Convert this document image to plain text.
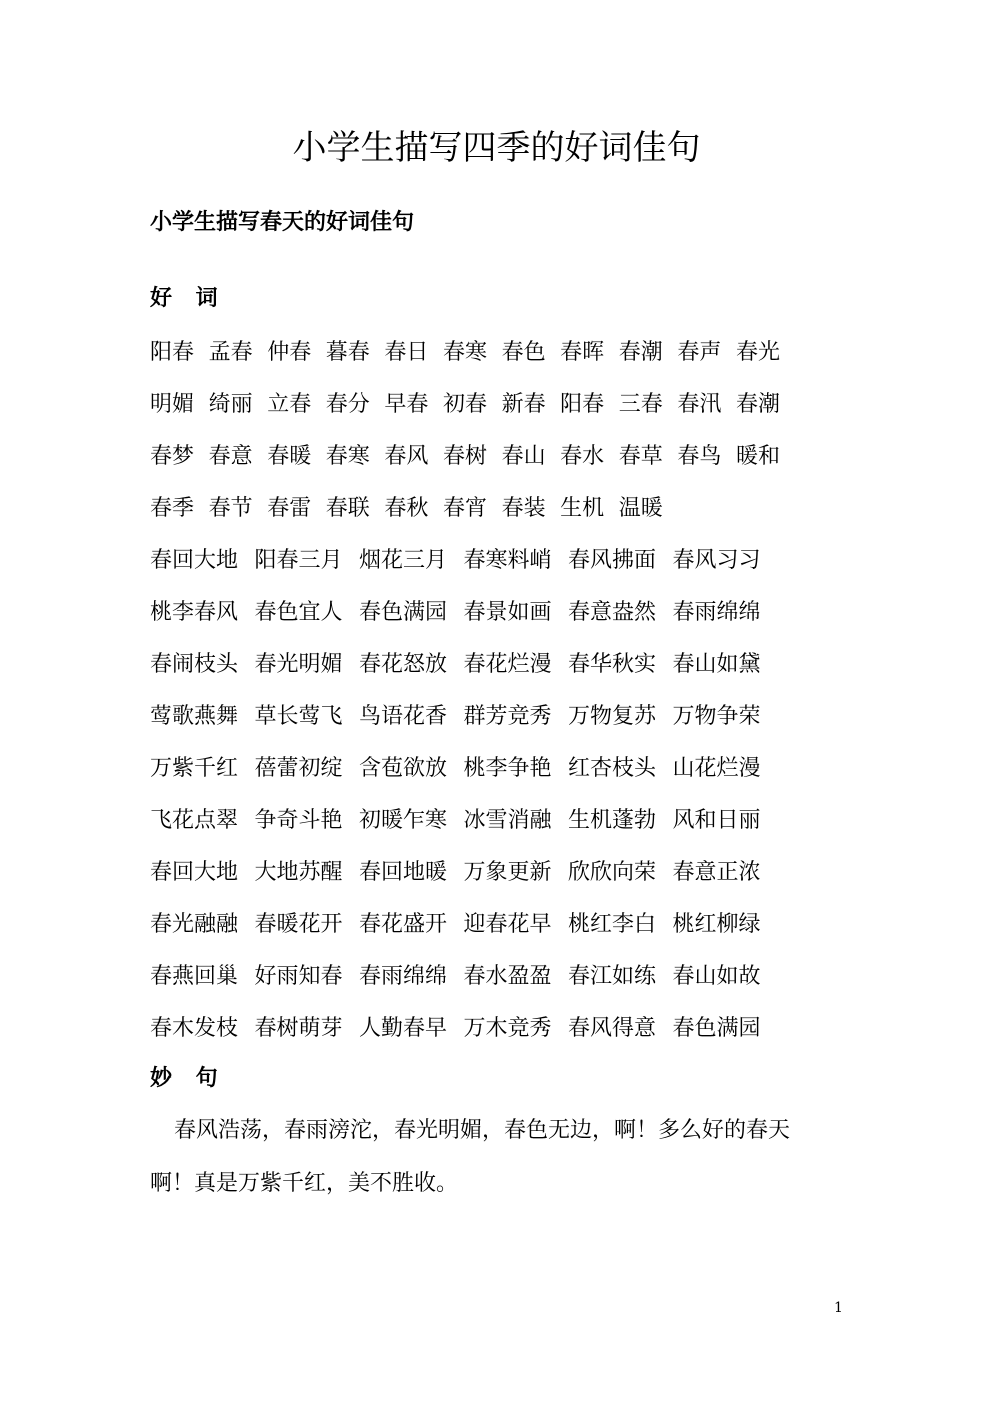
小学生描写四季的好词佳句
小学生描写春天的好词佳句
好 词
阳春 孟春 仲春 暮春 春日 春寒 春色 春晖 春潮 春声 春光
明媚 绮丽 立春 春分 早春 初春 新春 阳春 三春 春汛 春潮
春梦 春意 春暖 春寒 春风 春树 春山 春水 春草 春鸟 暖和
春季 春节 春雷 春联 春秋 春宵 春装 生机 温暖
春回大地 阳春三月 烟花三月 春寒料峭 春风拂面 春风习习
桃李春风 春色宜人 春色满园 春景如画 春意盎然 春雨绵绵
春闹枝头 春光明媚 春花怒放 春花烂漫 春华秋实 春山如黛
莺歌燕舞 草长莺飞 鸟语花香 群芳竞秀 万物复苏 万物争荣
万紫千红 蓓蕾初绽 含苞欲放 桃李争艳 红杏枝头 山花烂漫
飞花点翠 争奇斗艳 初暖乍寒 冰雪消融 生机蓬勃 风和日丽
春回大地 大地苏醒 春回地暖 万象更新 欣欣向荣 春意正浓
春光融融 春暖花开 春花盛开 迎春花早 桃红李白 桃红柳绿
春燕回巢 好雨知春 春雨绵绵 春水盈盈 春江如练 春山如故
春木发枝 春树萌芽 人勤春早 万木竞秀 春风得意 春色满园
妙 句
春风浩荡，春雨滂沱，春光明媚，春色无边，啊！多么好的春天啊！真是万紫千红，美不胜收。
1
